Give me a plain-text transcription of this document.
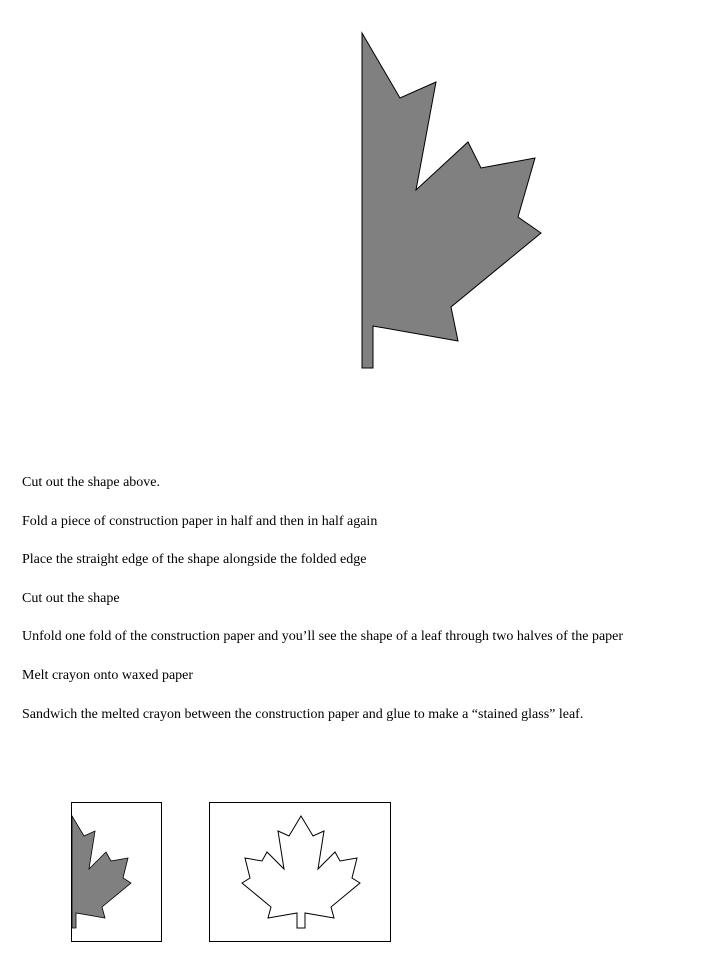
Cut out the shape above.
Fold a piece of construction paper in half and then in half again
Place the straight edge of the shape alongside the folded edge
Cut out the shape
Unfold one fold of the construction paper and you’ll see the shape of a leaf through two halves of the paper
Melt crayon onto waxed paper
Sandwich the melted crayon between the construction paper and glue to make a “stained glass” leaf.
